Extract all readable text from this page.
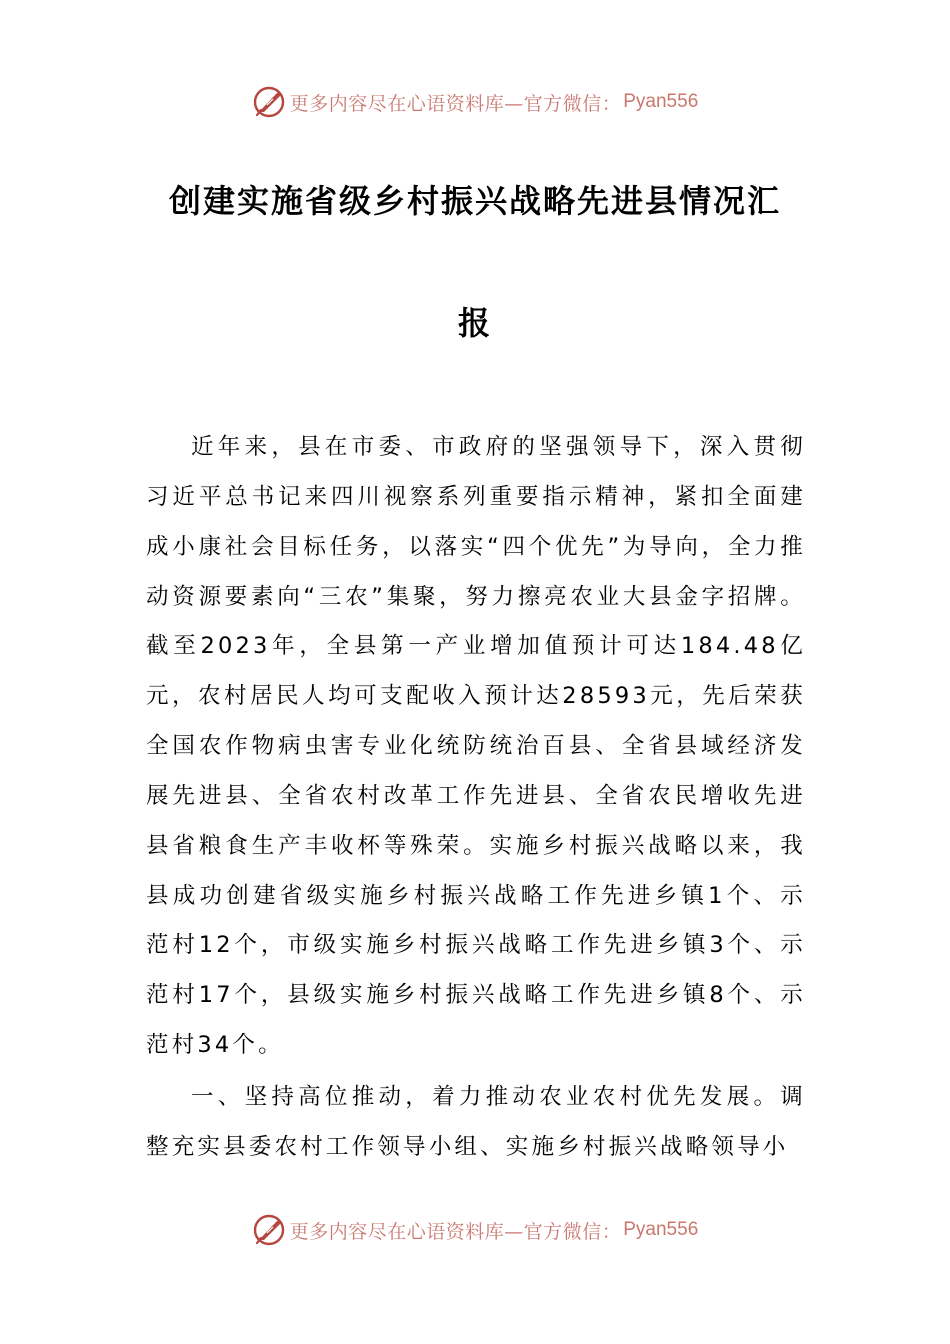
更多内容尽在心语资料库—官方微信： Pyan556
创建实施省级乡村振兴战略先进县情况汇
报

近年来，县在市委、市政府的坚强领导下，深入贯彻习近平总书记来四川视察系列重要指示精神，紧扣全面建成小康社会目标任务，以落实“四个优先”为导向，全力推动资源要素向“三农”集聚，努力擦亮农业大县金字招牌。截至2023年，全县第一产业增加值预计可达184.48亿元，农村居民人均可支配收入预计达28593元，先后荣获全国农作物病虫害专业化统防统治百县、全省县域经济发展先进县、全省农村改革工作先进县、全省农民增收先进县省粮食生产丰收杯等殊荣。实施乡村振兴战略以来，我县成功创建省级实施乡村振兴战略工作先进乡镇1个、示范村12个，市级实施乡村振兴战略工作先进乡镇3个、示范村17个，县级实施乡村振兴战略工作先进乡镇8个、示范村34个。

一、坚持高位推动，着力推动农业农村优先发展。调整充实县委农村工作领导小组、实施乡村振兴战略领导小

更多内容尽在心语资料库—官方微信： Pyan556
